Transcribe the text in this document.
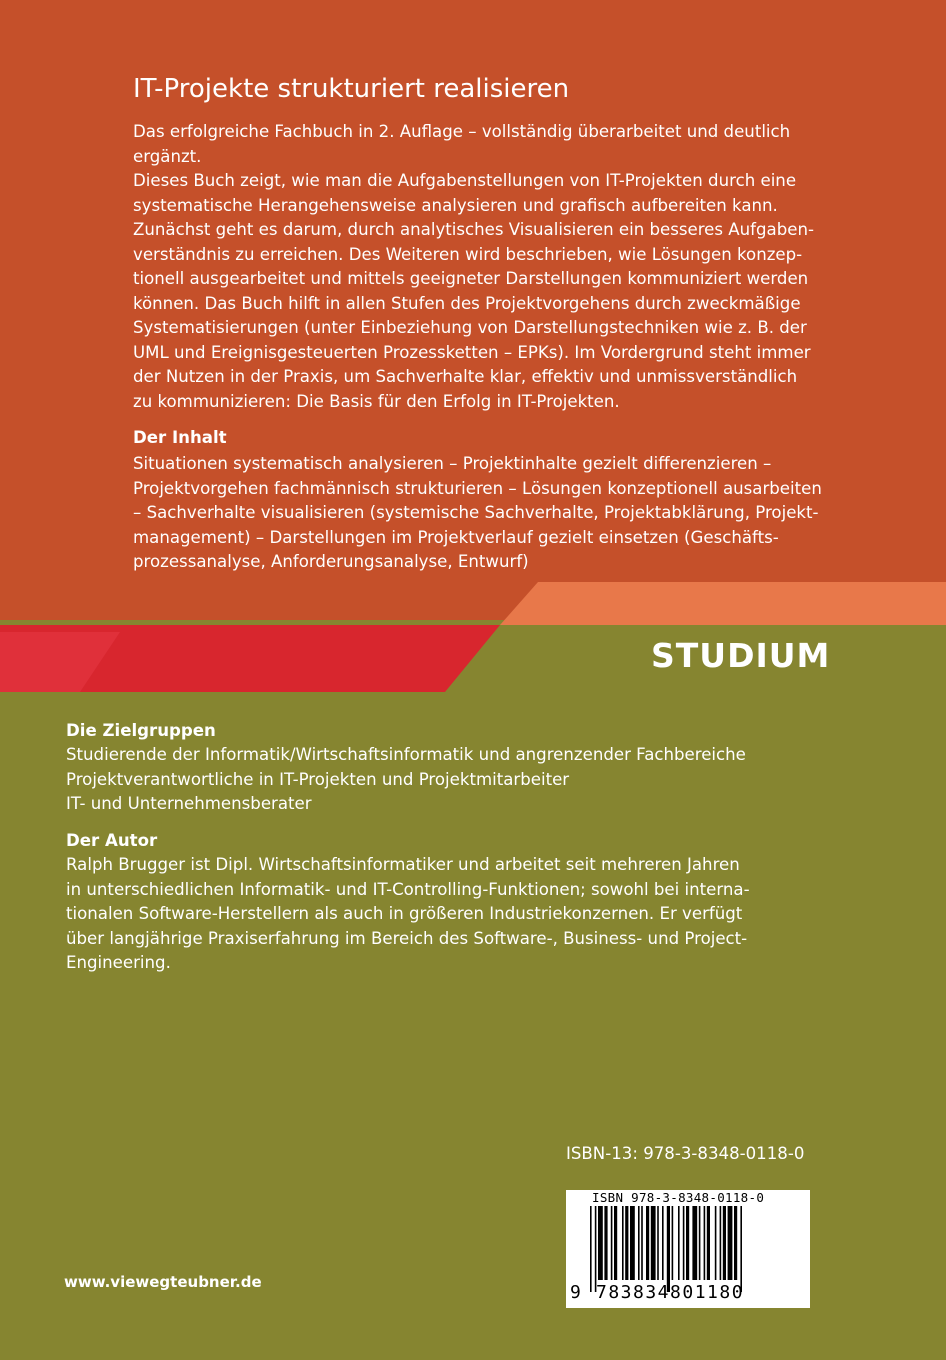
IT-Projekte strukturiert realisieren
Das erfolgreiche Fachbuch in 2. Auflage – vollständig überarbeitet und deutlich
ergänzt.
Dieses Buch zeigt, wie man die Aufgabenstellungen von IT-Projekten durch eine
systematische Herangehensweise analysieren und grafisch aufbereiten kann.
Zunächst geht es darum, durch analytisches Visualisieren ein besseres Aufgaben-
verständnis zu erreichen. Des Weiteren wird beschrieben, wie Lösungen konzep-
tionell ausgearbeitet und mittels geeigneter Darstellungen kommuniziert werden
können. Das Buch hilft in allen Stufen des Projektvorgehens durch zweckmäßige
Systematisierungen (unter Einbeziehung von Darstellungstechniken wie z. B. der
UML und Ereignisgesteuerten Prozessketten – EPKs). Im Vordergrund steht immer
der Nutzen in der Praxis, um Sachverhalte klar, effektiv und unmissverständlich
zu kommunizieren: Die Basis für den Erfolg in IT-Projekten.
Der Inhalt
Situationen systematisch analysieren – Projektinhalte gezielt differenzieren –
Projektvorgehen fachmännisch strukturieren – Lösungen konzeptionell ausarbeiten
– Sachverhalte visualisieren (systemische Sachverhalte, Projektabklärung, Projekt-
management) – Darstellungen im Projektverlauf gezielt einsetzen (Geschäfts-
prozessanalyse, Anforderungsanalyse, Entwurf)
STUDIUM
Die Zielgruppen
Studierende der Informatik/Wirtschaftsinformatik und angrenzender Fachbereiche
Projektverantwortliche in IT-Projekten und Projektmitarbeiter
IT- und Unternehmensberater
Der Autor
Ralph Brugger ist Dipl. Wirtschaftsinformatiker und arbeitet seit mehreren Jahren
in unterschiedlichen Informatik- und IT-Controlling-Funktionen; sowohl bei interna-
tionalen Software-Herstellern als auch in größeren Industriekonzernen. Er verfügt
über langjährige Praxiserfahrung im Bereich des Software-, Business- und Project-
Engineering.
ISBN-13: 978-3-8348-0118-0
ISBN 978-3-8348-0118-0
9 783834801180
www.viewegteubner.de
